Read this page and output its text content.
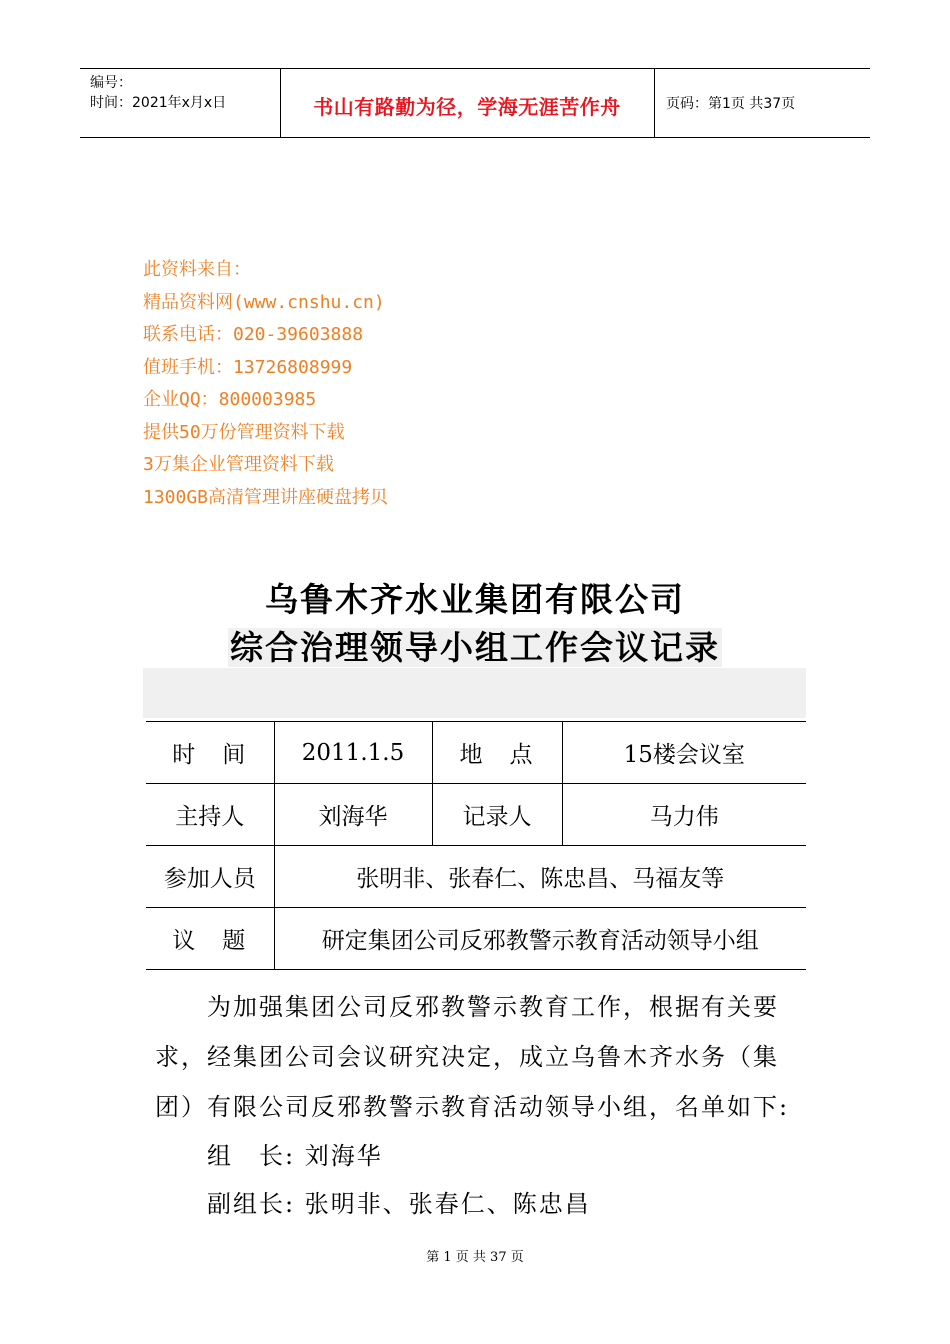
编号：
时间：2021年x月x日	书山有路勤为径，学海无涯苦作舟	页码：第1页 共37页
此资料来自：
精品资料网(www.cnshu.cn)
联系电话：020-39603888
值班手机：13726808999
企业QQ：800003985
提供50万份管理资料下载
3万集企业管理资料下载
1300GB高清管理讲座硬盘拷贝
乌鲁木齐水业集团有限公司
综合治理领导小组工作会议记录
时　间	2011.1.5	地　点	15楼会议室
主持人	刘海华	记录人	马力伟
参加人员	张明非、张春仁、陈忠昌、马福友等		
议　题	研定集团公司反邪教警示教育活动领导小组		
为加强集团公司反邪教警示教育工作，根据有关要求，经集团公司会议研究决定，成立乌鲁木齐水务（集团）有限公司反邪教警示教育活动领导小组，名单如下:
组　长: 刘海华
副组长: 张明非、张春仁、陈忠昌
第 1 页 共 37 页
